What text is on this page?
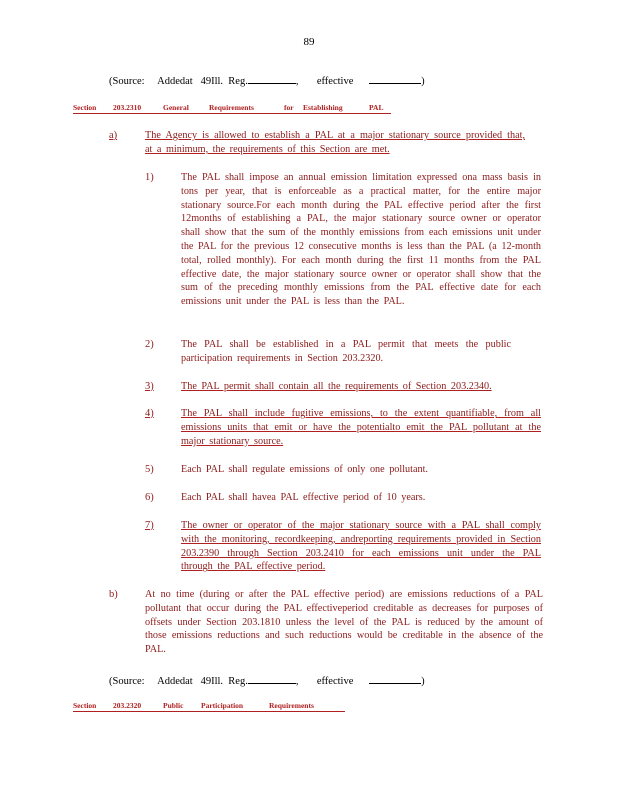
89
(Source: Addedat 49Ill. Reg.	,       effective	)
Section 203.2310	General	Requirements	for Establishing	PAL
a)	The Agency is allowed to establish a PAL at a major stationary source provided that, at a minimum, the requirements of this Section are met.
1)	The PAL shall impose an annual emission limitation expressed ona mass basis in tons per year, that is enforceable as a practical matter, for the entire major stationary source.For each month during the PAL effective period after the first 12months of establishing a PAL, the major stationary source owner or operator shall show that the sum of the monthly emissions from each emissions unit under the PAL for the previous 12 consecutive months is less than the PAL (a 12-month total, rolled monthly). For each month during the first 11 months from the PAL effective date, the major stationary source owner or operator shall show that the sum of the preceding monthly emissions from the PAL effective date for each emissions unit under the PAL is less than the PAL.
2)	The PAL shall be established in a PAL permit that meets the public participation requirements in Section 203.2320.
3)	The PAL permit shall contain all the requirements of Section 203.2340.
4)	The PAL shall include fugitive emissions, to the extent quantifiable, from all emissions units that emit or have the potentialto emit the PAL pollutant at the major stationary source.
5)	Each PAL shall regulate emissions of only one pollutant.
6)	Each PAL shall havea PAL effective period of 10 years.
7)	The owner or operator of the major stationary source with a PAL shall comply with the monitoring, recordkeeping, andreporting requirements provided in Section 203.2390 through Section 203.2410 for each emissions unit under the PAL through the PAL effective period.
b)	At no time (during or after the PAL effective period) are emissions reductions of a PAL pollutant that occur during the PAL effectiveperiod creditable as decreases for purposes of offsets under Section 203.1810 unless the level of the PAL is reduced by the amount of those emissions reductions and such reductions would be creditable in the absence of the PAL.
(Source: Addedat 49Ill. Reg.	,       effective	)
Section 203.2320	Public Participation	Requirements
